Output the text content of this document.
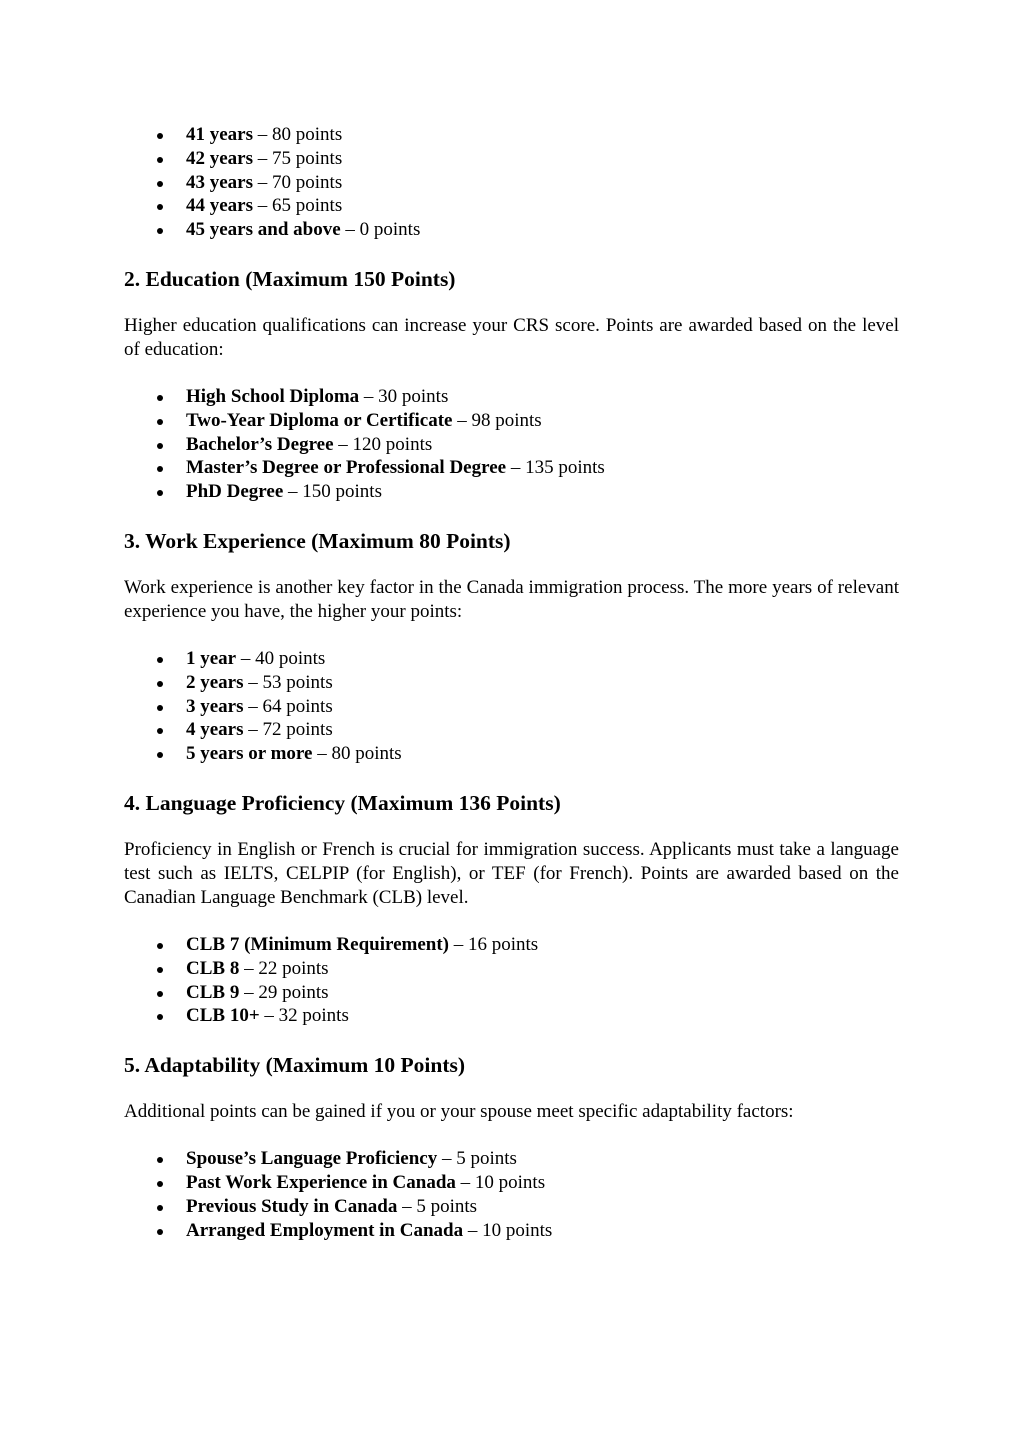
41 years – 80 points
42 years – 75 points
43 years – 70 points
44 years – 65 points
45 years and above – 0 points
2. Education (Maximum 150 Points)

Higher education qualifications can increase your CRS score. Points are awarded based on the level of education:

High School Diploma – 30 points
Two-Year Diploma or Certificate – 98 points
Bachelor’s Degree – 120 points
Master’s Degree or Professional Degree – 135 points
PhD Degree – 150 points
3. Work Experience (Maximum 80 Points)

Work experience is another key factor in the Canada immigration process. The more years of relevant experience you have, the higher your points:

1 year – 40 points
2 years – 53 points
3 years – 64 points
4 years – 72 points
5 years or more – 80 points
4. Language Proficiency (Maximum 136 Points)

Proficiency in English or French is crucial for immigration success. Applicants must take a language test such as IELTS, CELPIP (for English), or TEF (for French). Points are awarded based on the Canadian Language Benchmark (CLB) level.

CLB 7 (Minimum Requirement) – 16 points
CLB 8 – 22 points
CLB 9 – 29 points
CLB 10+ – 32 points
5. Adaptability (Maximum 10 Points)

Additional points can be gained if you or your spouse meet specific adaptability factors:

Spouse’s Language Proficiency – 5 points
Past Work Experience in Canada – 10 points
Previous Study in Canada – 5 points
Arranged Employment in Canada – 10 points
